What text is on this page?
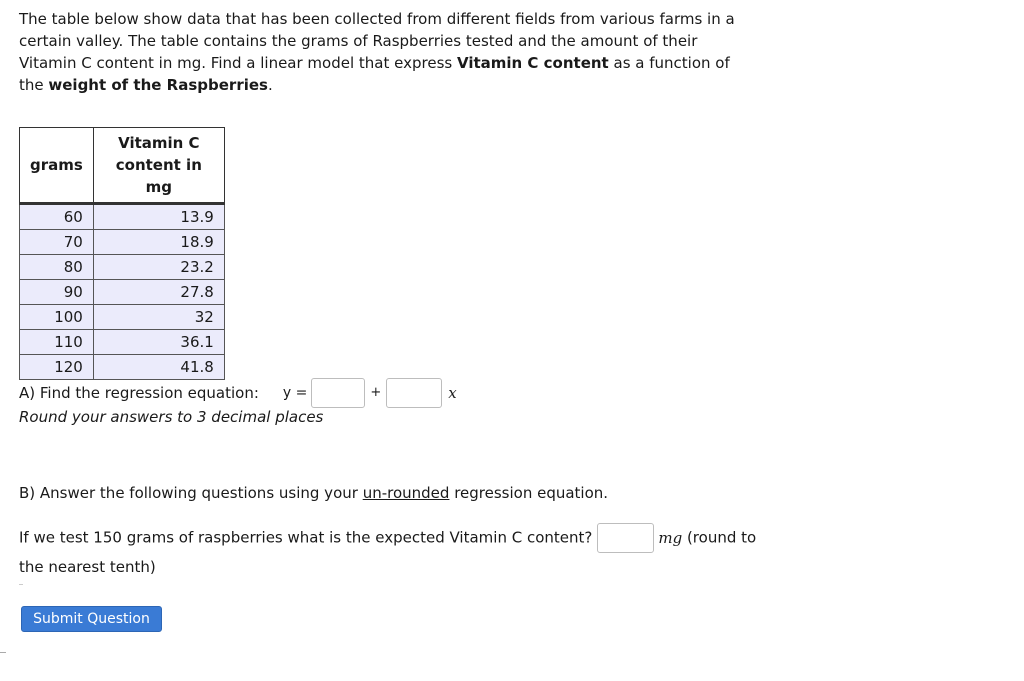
The table below show data that has been collected from different fields from various farms in a certain valley. The table contains the grams of Raspberries tested and the amount of their Vitamin C content in mg. Find a linear model that express Vitamin C content as a function of the weight of the Raspberries.

grams	Vitamin C content in mg
60	13.9
70	18.9
80	23.2
90	27.8
100	32
110	36.1
120	41.8
A) Find the regression equation: y =	+	x
Round your answers to 3 decimal places
B) Answer the following questions using your un-rounded regression equation.
If we test 150 grams of raspberries what is the expected Vitamin C content?	mg (round to the nearest tenth)
Submit Question
